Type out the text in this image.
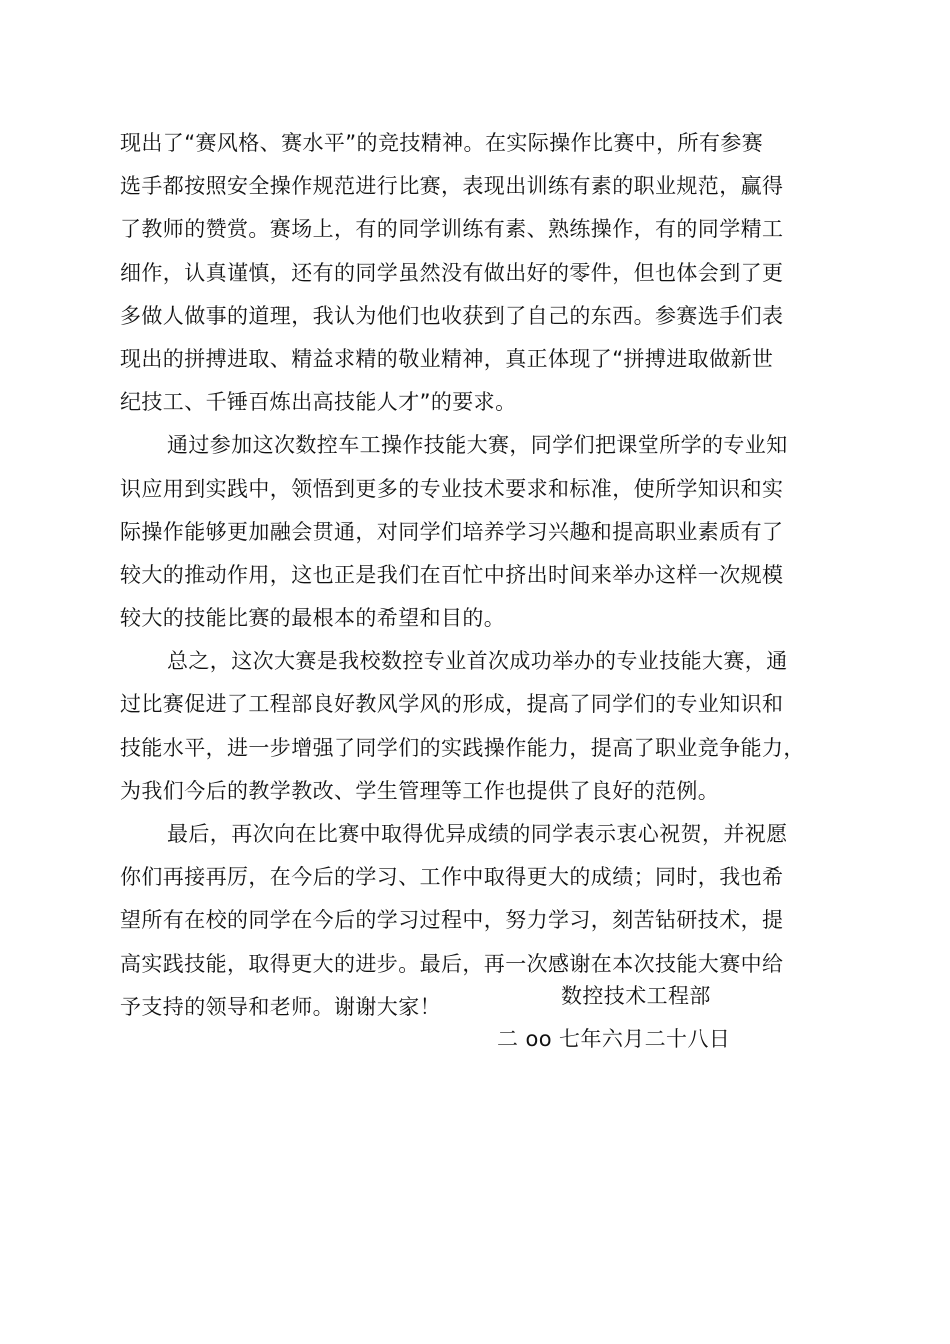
现出了“赛风格、赛水平”的竞技精神。在实际操作比赛中，所有参赛
选手都按照安全操作规范进行比赛，表现出训练有素的职业规范，赢得
了教师的赞赏。赛场上，有的同学训练有素、熟练操作，有的同学精工
细作，认真谨慎，还有的同学虽然没有做出好的零件，但也体会到了更
多做人做事的道理，我认为他们也收获到了自己的东西。参赛选手们表
现出的拼搏进取、精益求精的敬业精神，真正体现了“拼搏进取做新世
纪技工、千锤百炼出高技能人才”的要求。
通过参加这次数控车工操作技能大赛，同学们把课堂所学的专业知
识应用到实践中，领悟到更多的专业技术要求和标准，使所学知识和实
际操作能够更加融会贯通，对同学们培养学习兴趣和提高职业素质有了
较大的推动作用，这也正是我们在百忙中挤出时间来举办这样一次规模
较大的技能比赛的最根本的希望和目的。
总之，这次大赛是我校数控专业首次成功举办的专业技能大赛，通
过比赛促进了工程部良好教风学风的形成，提高了同学们的专业知识和
技能水平，进一步增强了同学们的实践操作能力，提高了职业竞争能力，
为我们今后的教学教改、学生管理等工作也提供了良好的范例。
最后，再次向在比赛中取得优异成绩的同学表示衷心祝贺，并祝愿
你们再接再厉，在今后的学习、工作中取得更大的成绩；同时，我也希
望所有在校的同学在今后的学习过程中，努力学习，刻苦钻研技术，提
高实践技能，取得更大的进步。最后，再一次感谢在本次技能大赛中给
予支持的领导和老师。谢谢大家！	数控技术工程部
二 oo 七年六月二十八日
